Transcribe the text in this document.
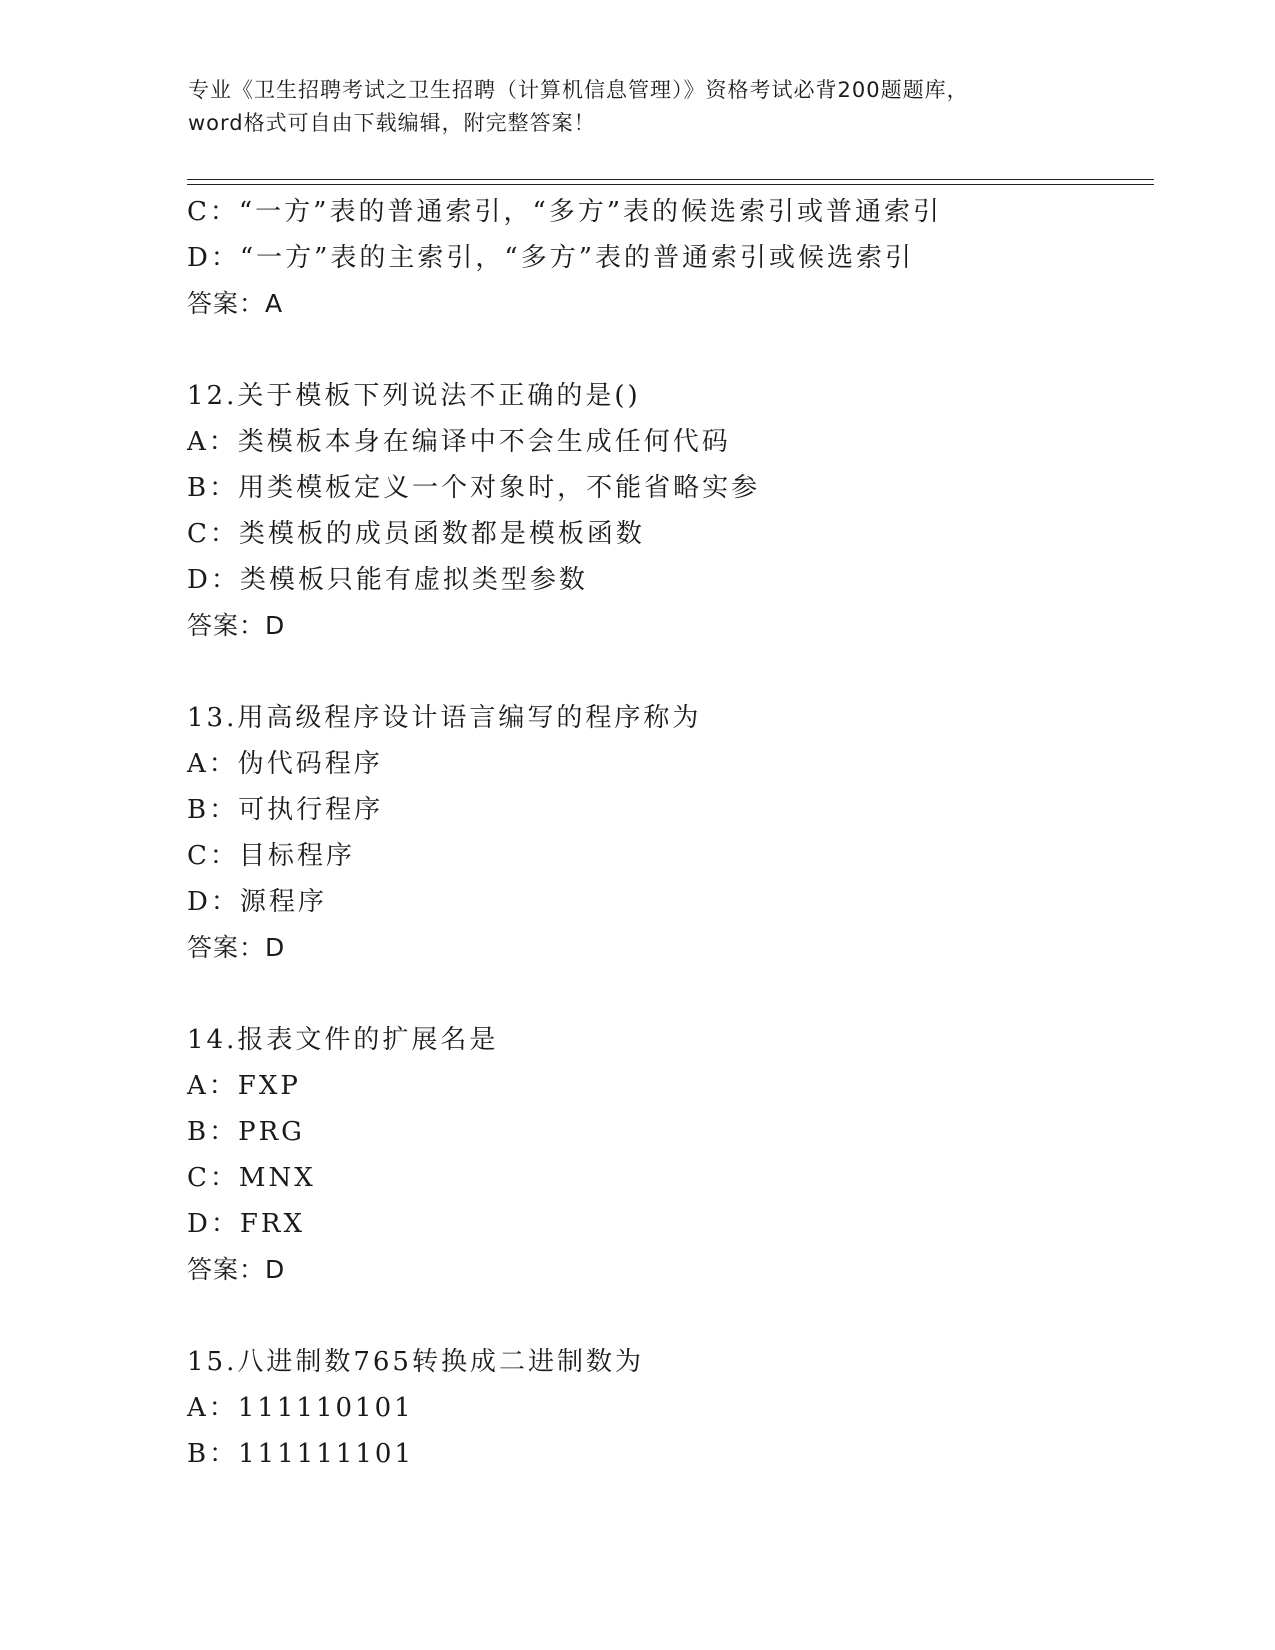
专业《卫生招聘考试之卫生招聘（计算机信息管理）》资格考试必背200题题库，
word格式可自由下载编辑，附完整答案！
C：“一方”表的普通索引，“多方”表的候选索引或普通索引
D：“一方”表的主索引，“多方”表的普通索引或候选索引
答案：A
12.关于模板下列说法不正确的是()
A：类模板本身在编译中不会生成任何代码
B：用类模板定义一个对象时，不能省略实参
C：类模板的成员函数都是模板函数
D：类模板只能有虚拟类型参数
答案：D
13.用高级程序设计语言编写的程序称为
A：伪代码程序
B：可执行程序
C：目标程序
D：源程序
答案：D
14.报表文件的扩展名是
A：FXP
B：PRG
C：MNX
D：FRX
答案：D
15.八进制数765转换成二进制数为
A：111110101
B：111111101
